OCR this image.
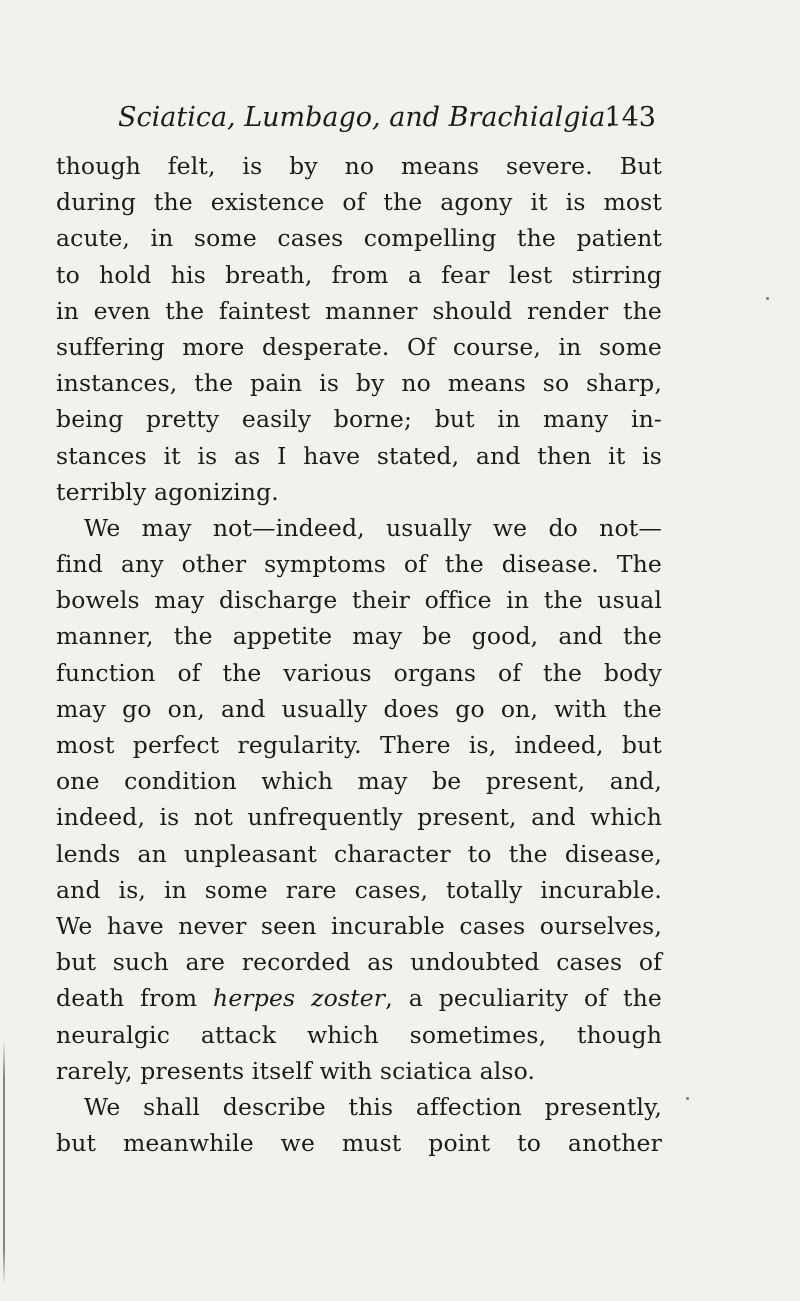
Sciatica, Lumbago, and Brachialgia.
143
though felt, is by no means severe. But
during the existence of the agony it is most
acute, in some cases compelling the patient
to hold his breath, from a fear lest stirring
in even the faintest manner should render the
suffering more desperate. Of course, in some
instances, the pain is by no means so sharp,
being pretty easily borne; but in many in-
stances it is as I have stated, and then it is
terribly agonizing.
We may not—indeed, usually we do not—
find any other symptoms of the disease. The
bowels may discharge their office in the usual
manner, the appetite may be good, and the
function of the various organs of the body
may go on, and usually does go on, with the
most perfect regularity. There is, indeed, but
one condition which may be present, and,
indeed, is not unfrequently present, and which
lends an unpleasant character to the disease,
and is, in some rare cases, totally incurable.
We have never seen incurable cases ourselves,
but such are recorded as undoubted cases of
death from herpes zoster, a peculiarity of the
neuralgic attack which sometimes, though
rarely, presents itself with sciatica also.
We shall describe this affection presently,
but meanwhile we must point to another
